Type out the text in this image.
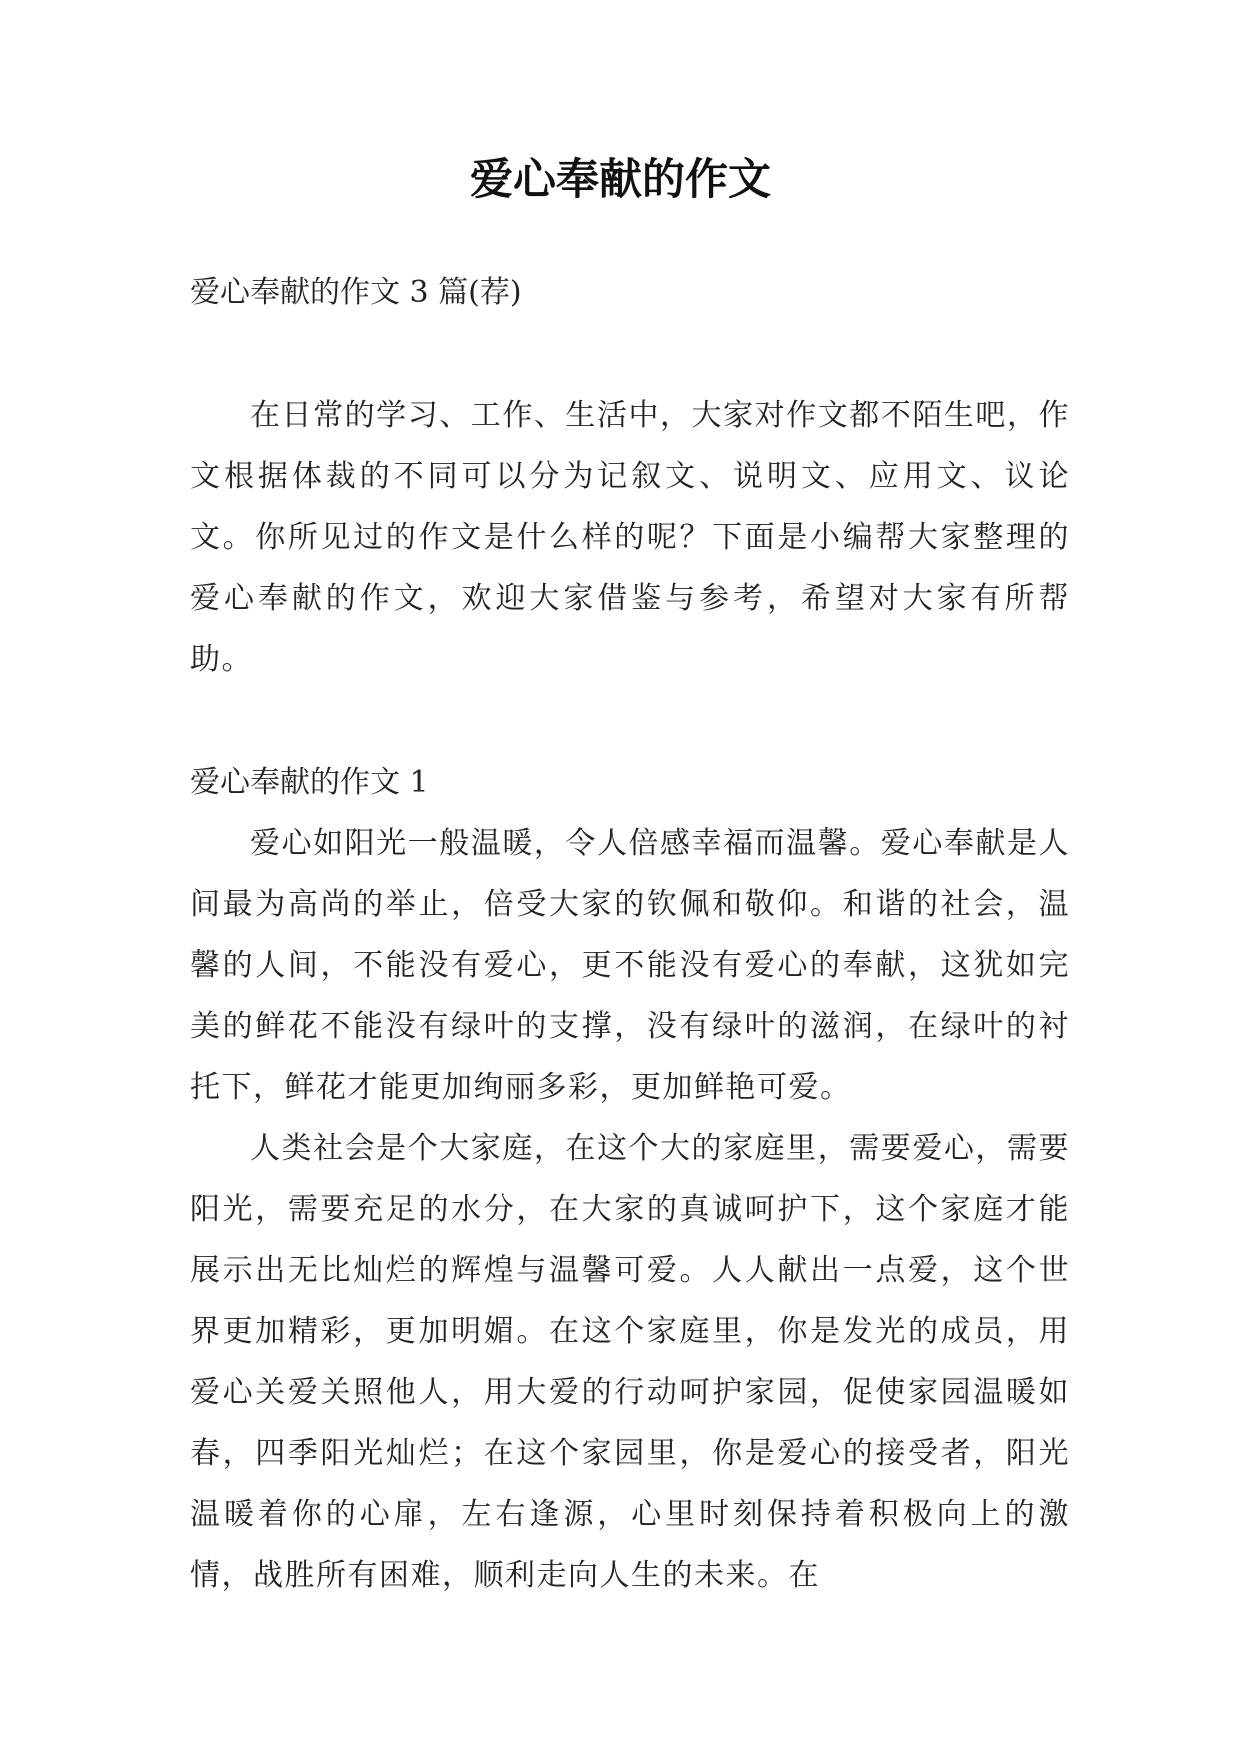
爱心奉献的作文

爱心奉献的作文 3 篇(荐)

在日常的学习、工作、生活中，大家对作文都不陌生吧，作文根据体裁的不同可以分为记叙文、说明文、应用文、议论文。你所见过的作文是什么样的呢？下面是小编帮大家整理的爱心奉献的作文，欢迎大家借鉴与参考，希望对大家有所帮助。

爱心奉献的作文 1

爱心如阳光一般温暖，令人倍感幸福而温馨。爱心奉献是人间最为高尚的举止，倍受大家的钦佩和敬仰。和谐的社会，温馨的人间，不能没有爱心，更不能没有爱心的奉献，这犹如完美的鲜花不能没有绿叶的支撑，没有绿叶的滋润，在绿叶的衬托下，鲜花才能更加绚丽多彩，更加鲜艳可爱。

人类社会是个大家庭，在这个大的家庭里，需要爱心，需要阳光，需要充足的水分，在大家的真诚呵护下，这个家庭才能展示出无比灿烂的辉煌与温馨可爱。人人献出一点爱，这个世界更加精彩，更加明媚。在这个家庭里，你是发光的成员，用爱心关爱关照他人，用大爱的行动呵护家园，促使家园温暖如春，四季阳光灿烂；在这个家园里，你是爱心的接受者，阳光温暖着你的心扉，左右逢源，心里时刻保持着积极向上的激情，战胜所有困难，顺利走向人生的未来。在
